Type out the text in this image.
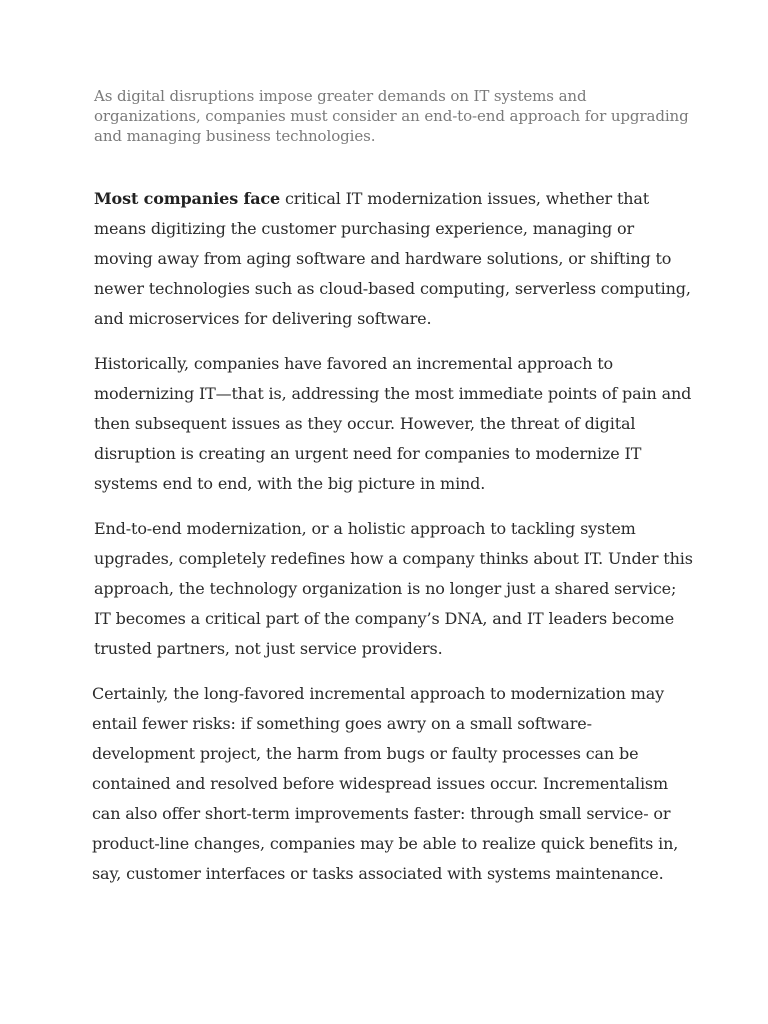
As digital disruptions impose greater demands on IT systems and organizations, companies must consider an end-to-end approach for upgrading and managing business technologies.

Most companies face critical IT modernization issues, whether that means digitizing the customer purchasing experience, managing or moving away from aging software and hardware solutions, or shifting to newer technologies such as cloud-based computing, serverless computing, and microservices for delivering software.

Historically, companies have favored an incremental approach to modernizing IT—that is, addressing the most immediate points of pain and then subsequent issues as they occur. However, the threat of digital disruption is creating an urgent need for companies to modernize IT systems end to end, with the big picture in mind.

End-to-end modernization, or a holistic approach to tackling system upgrades, completely redefines how a company thinks about IT. Under this approach, the technology organization is no longer just a shared service; IT becomes a critical part of the company’s DNA, and IT leaders become trusted partners, not just service providers.

Certainly, the long-favored incremental approach to modernization may entail fewer risks: if something goes awry on a small software-development project, the harm from bugs or faulty processes can be contained and resolved before widespread issues occur. Incrementalism can also offer short-term improvements faster: through small service- or product-line changes, companies may be able to realize quick benefits in, say, customer interfaces or tasks associated with systems maintenance.
